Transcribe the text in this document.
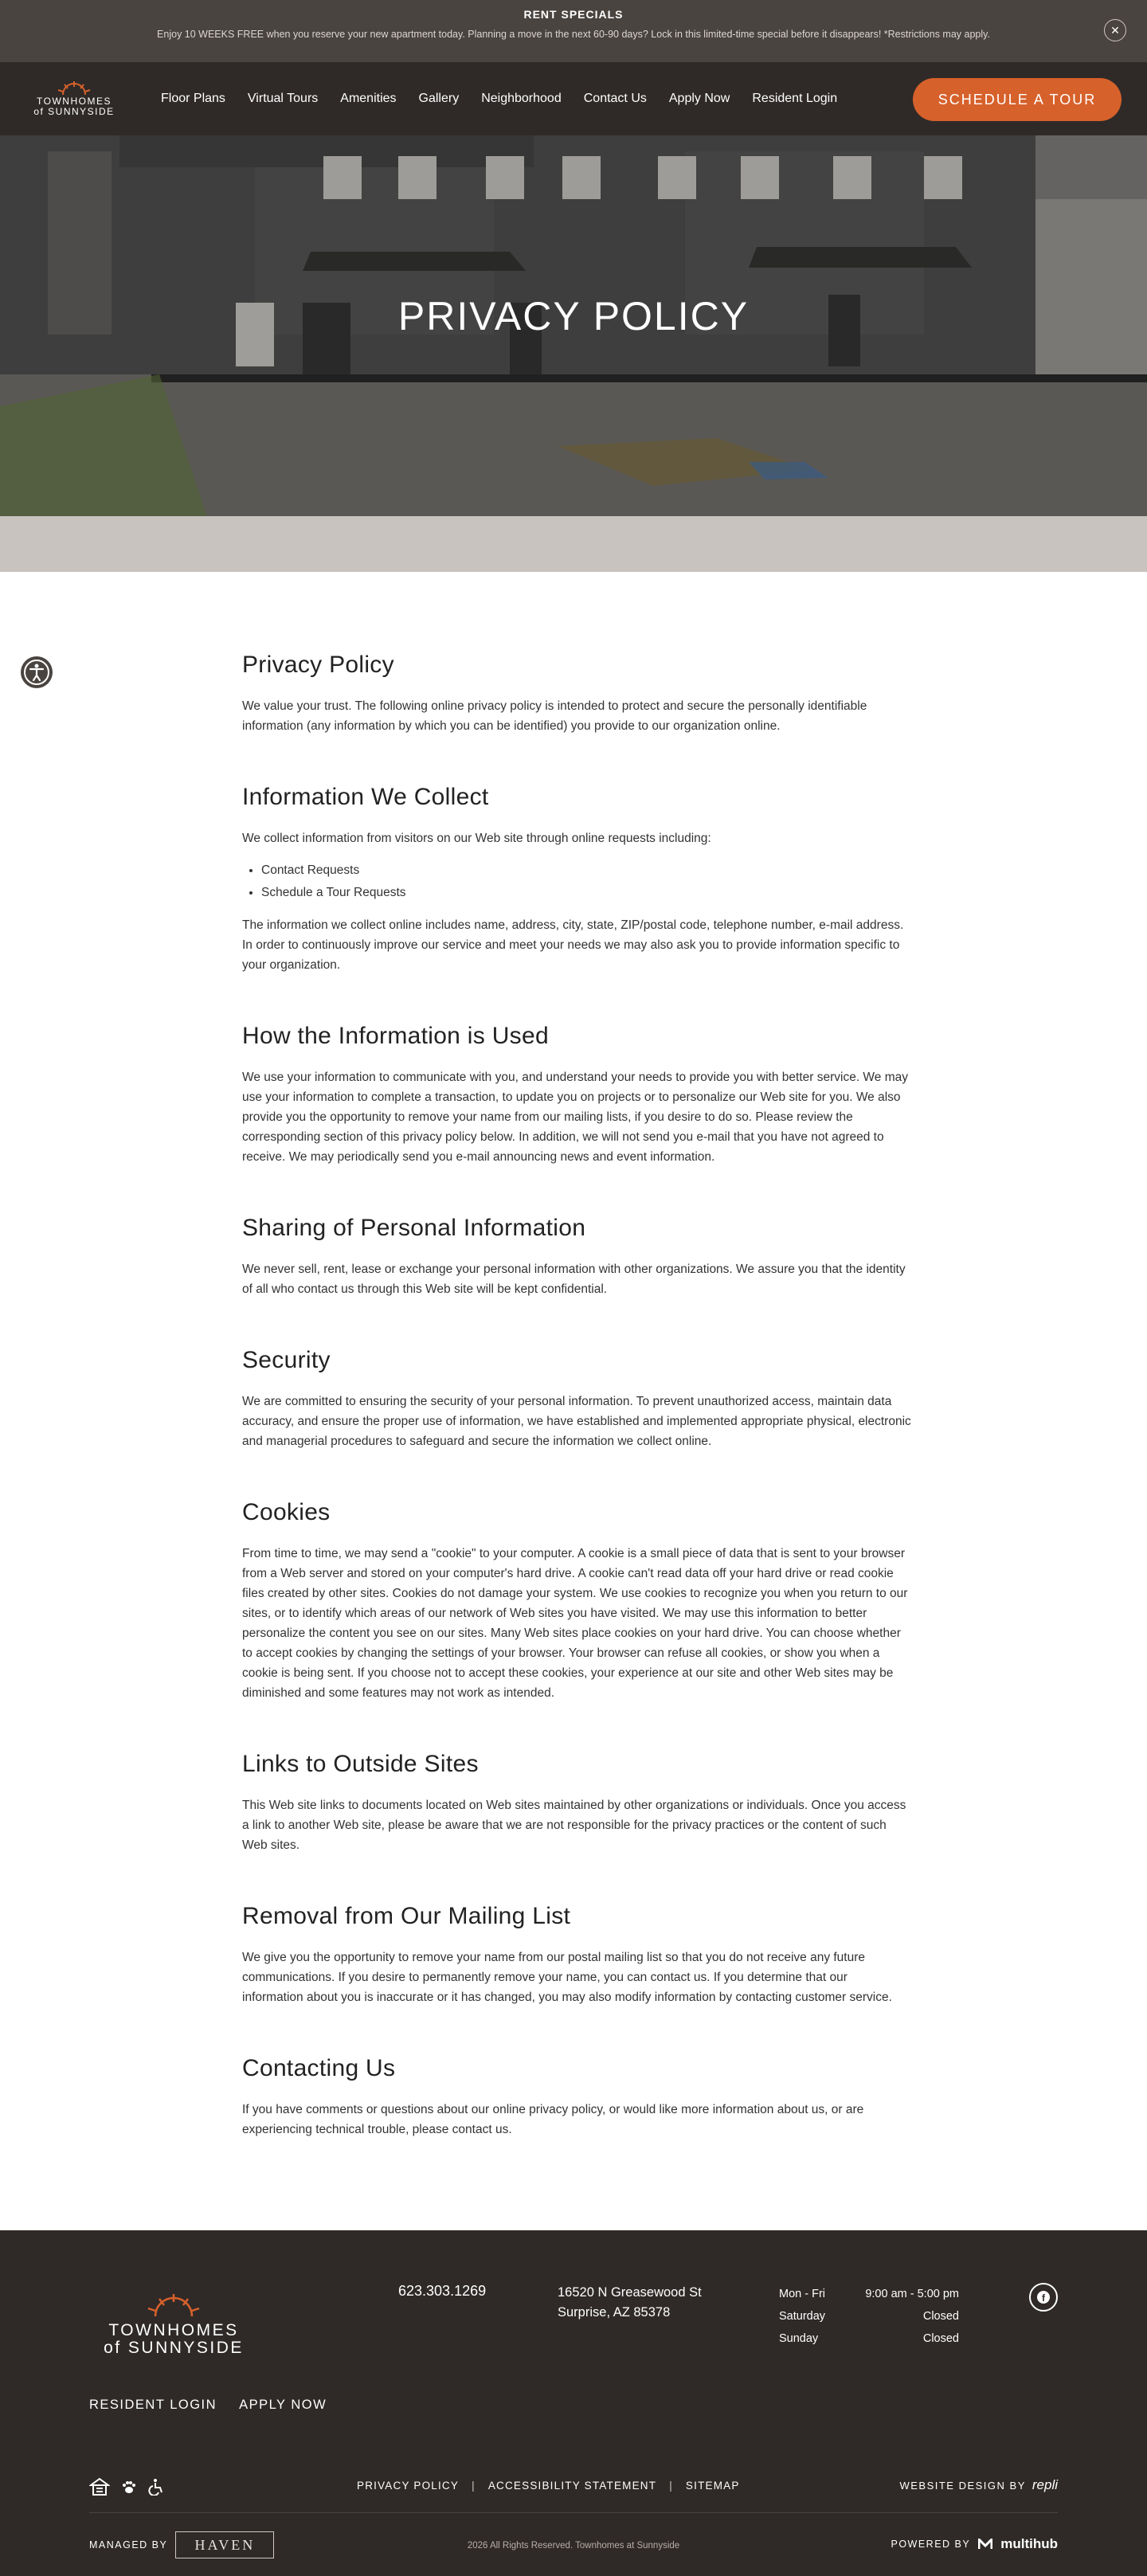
RENT SPECIALS
Enjoy 10 WEEKS FREE when you reserve your new apartment today. Planning a move in the next 60-90 days? Lock in this limited-time special before it disappears! *Restrictions may apply.	✕
TOWNHOMES
of SUNNYSIDE
Floor Plans Virtual Tours Amenities Gallery Neighborhood Contact Us Apply Now Resident Login	SCHEDULE A TOUR
PRIVACY POLICY
Privacy Policy

We value your trust. The following online privacy policy is intended to protect and secure the personally identifiable information (any information by which you can be identified) you provide to our organization online.

Information We Collect

We collect information from visitors on our Web site through online requests including:

• Contact Requests
• Schedule a Tour Requests

The information we collect online includes name, address, city, state, ZIP/postal code, telephone number, e-mail address. In order to continuously improve our service and meet your needs we may also ask you to provide information specific to your organization.

How the Information is Used

We use your information to communicate with you, and understand your needs to provide you with better service. We may use your information to complete a transaction, to update you on projects or to personalize our Web site for you. We also provide you the opportunity to remove your name from our mailing lists, if you desire to do so. Please review the corresponding section of this privacy policy below. In addition, we will not send you e-mail that you have not agreed to receive. We may periodically send you e-mail announcing news and event information.

Sharing of Personal Information

We never sell, rent, lease or exchange your personal information with other organizations. We assure you that the identity of all who contact us through this Web site will be kept confidential.

Security

We are committed to ensuring the security of your personal information. To prevent unauthorized access, maintain data accuracy, and ensure the proper use of information, we have established and implemented appropriate physical, electronic and managerial procedures to safeguard and secure the information we collect online.

Cookies

From time to time, we may send a "cookie" to your computer. A cookie is a small piece of data that is sent to your browser from a Web server and stored on your computer's hard drive. A cookie can't read data off your hard drive or read cookie files created by other sites. Cookies do not damage your system. We use cookies to recognize you when you return to our sites, or to identify which areas of our network of Web sites you have visited. We may use this information to better personalize the content you see on our sites. Many Web sites place cookies on your hard drive. You can choose whether to accept cookies by changing the settings of your browser. Your browser can refuse all cookies, or show you when a cookie is being sent. If you choose not to accept these cookies, your experience at our site and other Web sites may be diminished and some features may not work as intended.

Links to Outside Sites

This Web site links to documents located on Web sites maintained by other organizations or individuals. Once you access a link to another Web site, please be aware that we are not responsible for the privacy practices or the content of such Web sites.

Removal from Our Mailing List

We give you the opportunity to remove your name from our postal mailing list so that you do not receive any future communications. If you desire to permanently remove your name, you can contact us. If you determine that our information about you is inaccurate or it has changed, you may also modify information by contacting customer service.

Contacting Us

If you have comments or questions about our online privacy policy, or would like more information about us, or are experiencing technical trouble, please contact us.

TOWNHOMES
of SUNNYSIDE
RESIDENT LOGIN APPLY NOW
623.303.1269	16520 N Greasewood St
Surprise, AZ 85378
Mon - Fri	9:00 am - 5:00 pm
Saturday	Closed
Sunday	Closed
f
PRIVACY POLICY | ACCESSIBILITY STATEMENT | SITEMAP	WEBSITE DESIGN BY repli
MANAGED BY	HAVEN	2026 All Rights Reserved. Townhomes at Sunnyside	POWERED BY multihub
